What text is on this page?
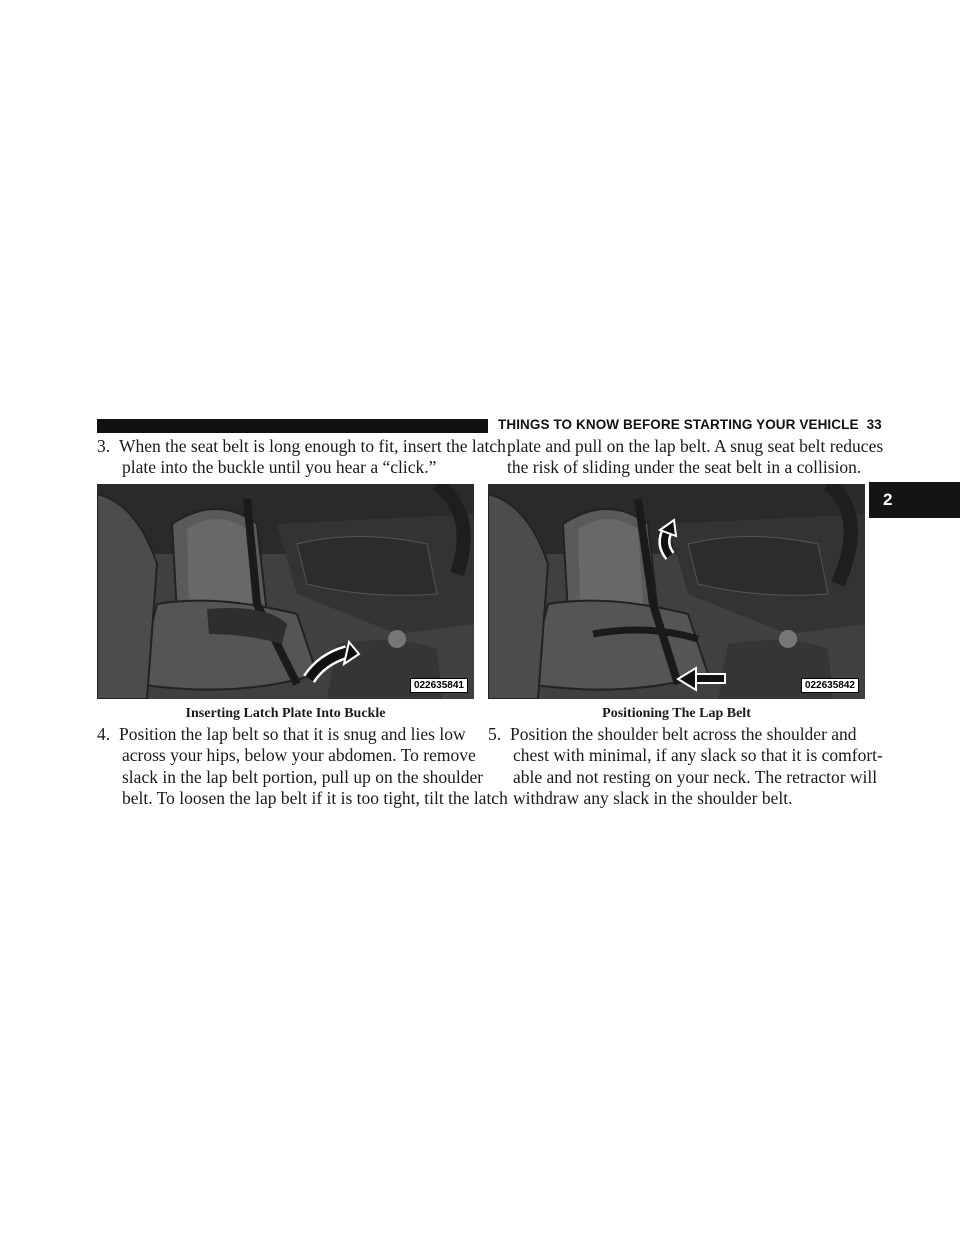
THINGS TO KNOW BEFORE STARTING YOUR VEHICLE 33
2
3. When the seat belt is long enough to fit, insert the latch
plate into the buckle until you hear a “click.”
022635841
Inserting Latch Plate Into Buckle
4. Position the lap belt so that it is snug and lies low
across your hips, below your abdomen. To remove
slack in the lap belt portion, pull up on the shoulder
belt. To loosen the lap belt if it is too tight, tilt the latch
plate and pull on the lap belt. A snug seat belt reduces
the risk of sliding under the seat belt in a collision.
022635842
Positioning The Lap Belt
5. Position the shoulder belt across the shoulder and
chest with minimal, if any slack so that it is comfort-
able and not resting on your neck. The retractor will
withdraw any slack in the shoulder belt.
